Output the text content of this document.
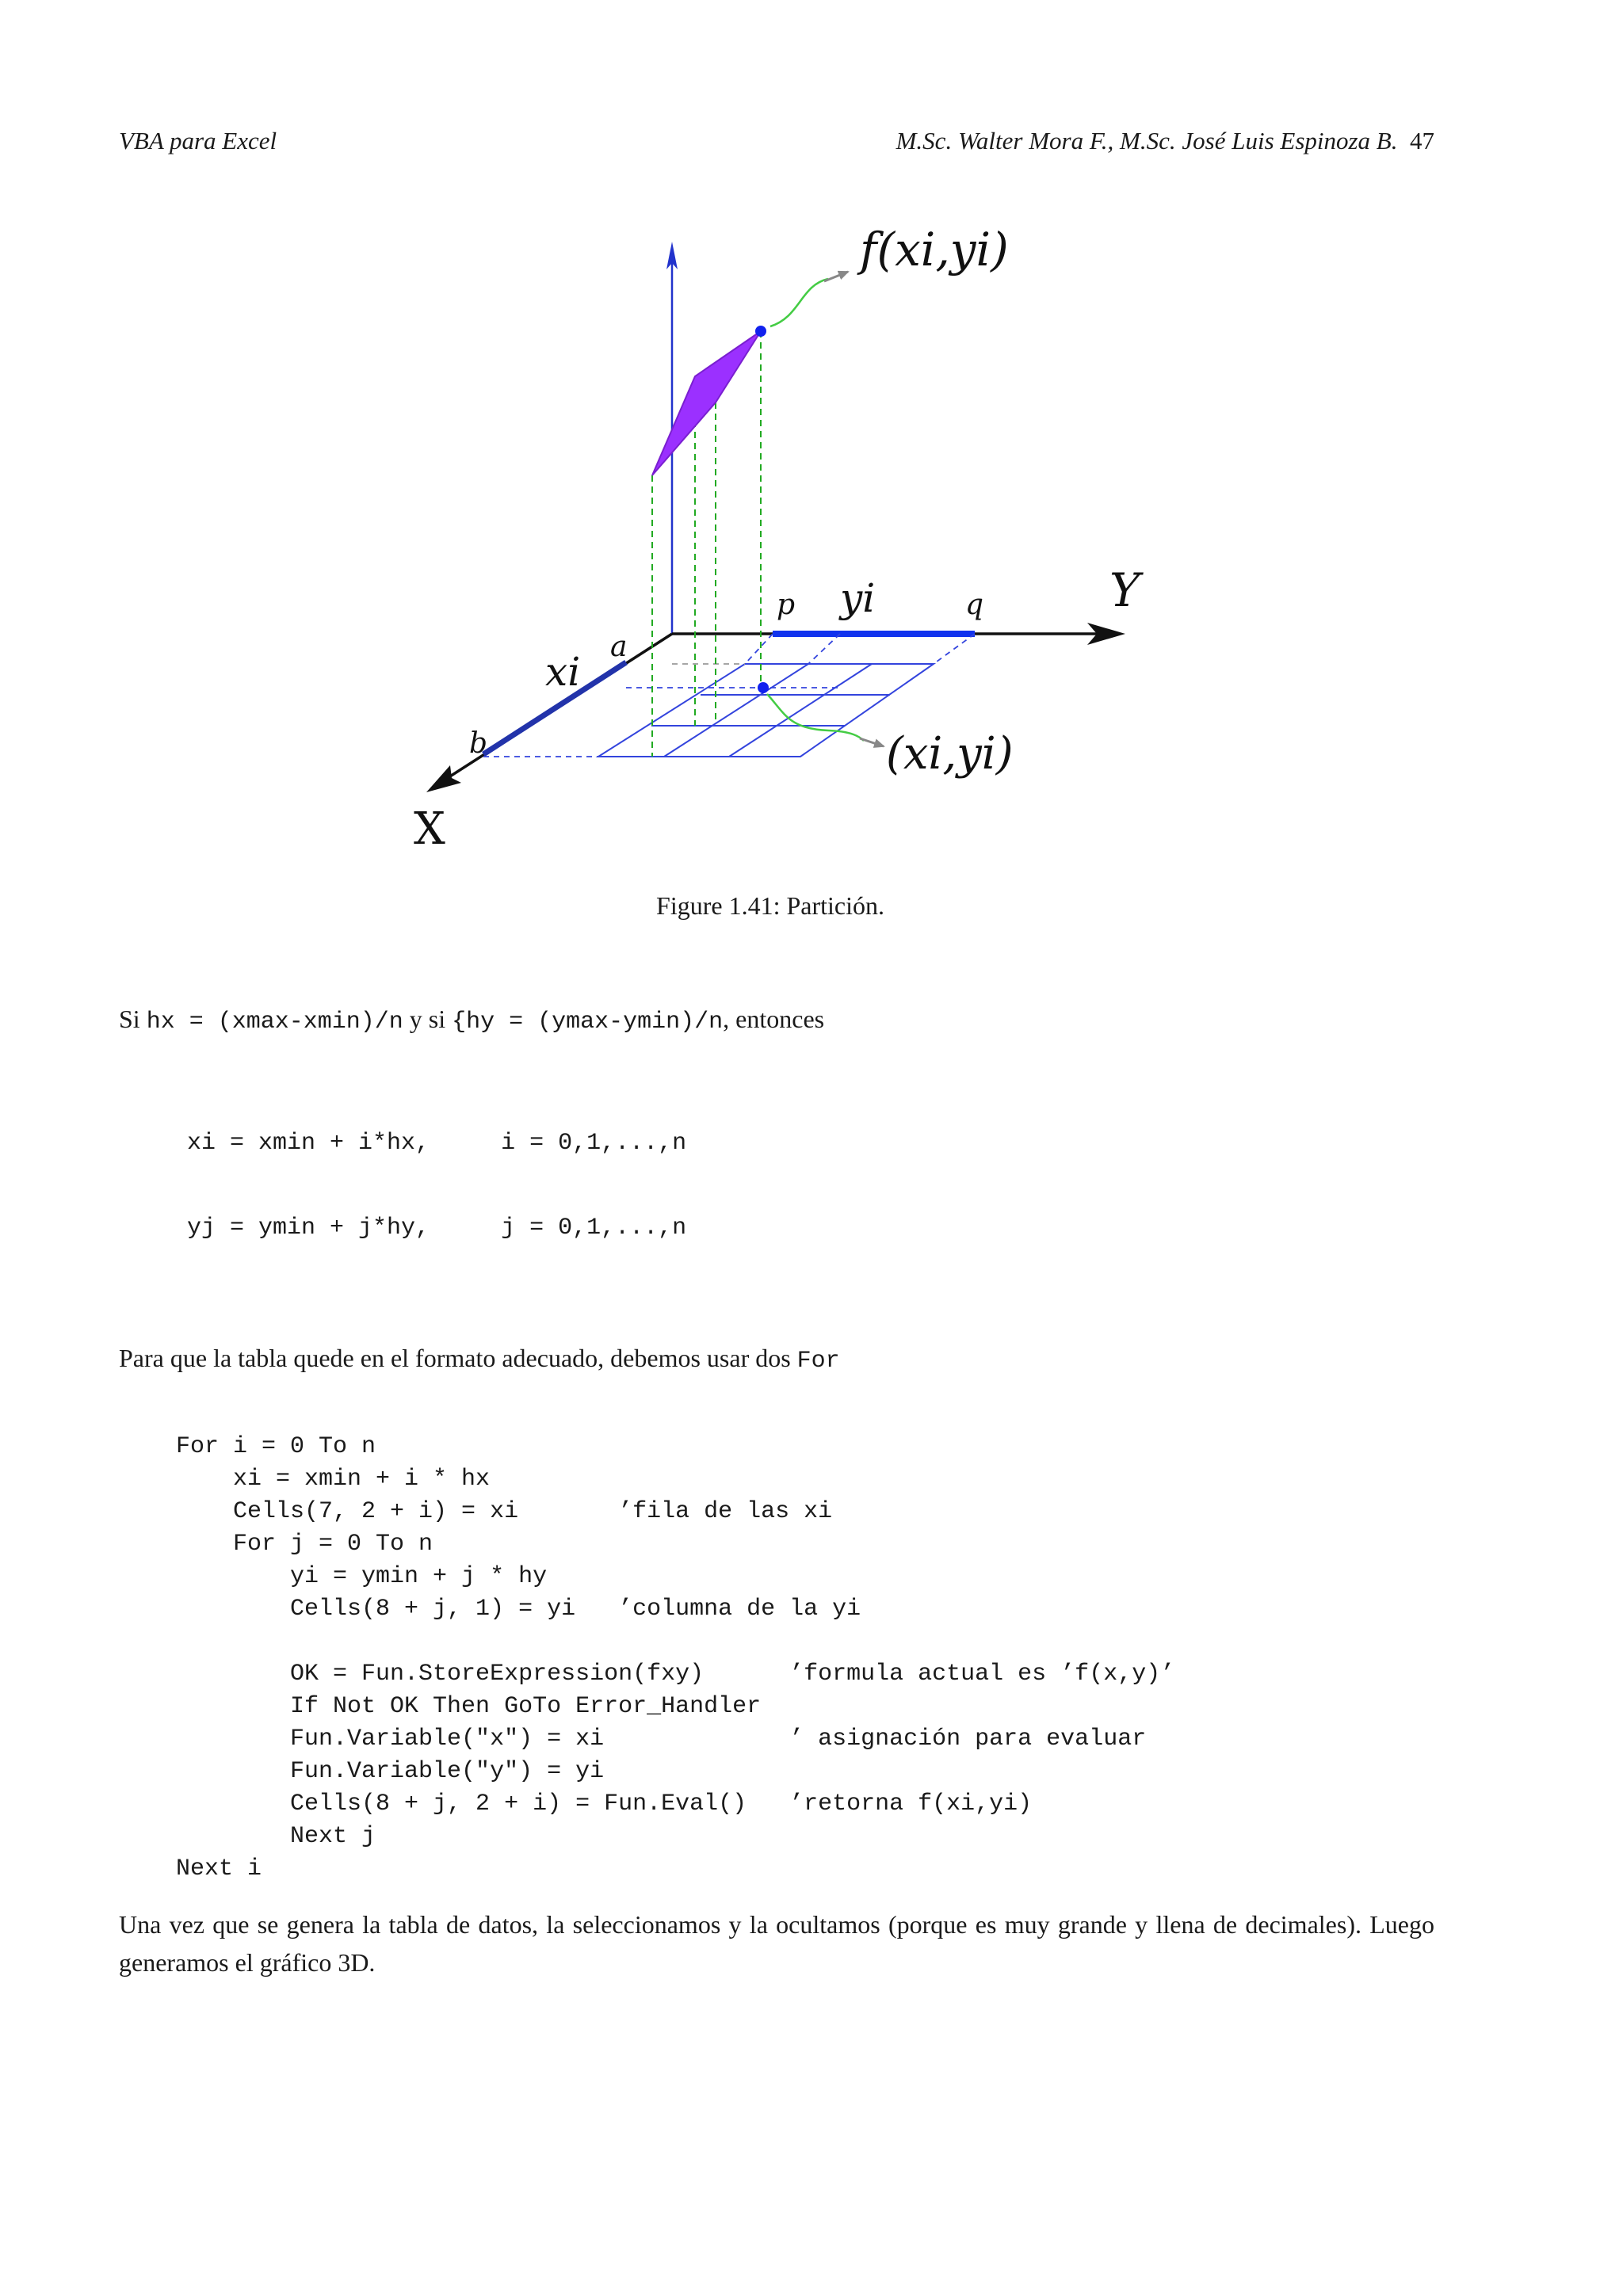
VBA para Excel	M.Sc. Walter Mora F., M.Sc. José Luis Espinoza B. 47
f(xi,yi)
(xi,yi)
X
Y
xi
yi
a
b
p	q
Figure 1.41: Partición.
Si hx = (xmax-xmin)/n y si {hy = (ymax-ymin)/n, entonces
xi = xmin + i*hx,     i = 0,1,...,n
yj = ymin + j*hy,     j = 0,1,...,n
Para que la tabla quede en el formato adecuado, debemos usar dos For
For i = 0 To n
xi = xmin + i * hx
Cells(7, 2 + i) = xi       ’fila de las xi
For j = 0 To n
yi = ymin + j * hy
Cells(8 + j, 1) = yi   ’columna de la yi

OK = Fun.StoreExpression(fxy)      ’formula actual es ’f(x,y)’
If Not OK Then GoTo Error_Handler
Fun.Variable("x") = xi             ’ asignación para evaluar
Fun.Variable("y") = yi
Cells(8 + j, 2 + i) = Fun.Eval()   ’retorna f(xi,yi)
Next j
Next i
Una vez que se genera la tabla de datos, la seleccionamos y la ocultamos (porque es muy grande y llena de decimales). Luego generamos el gráfico 3D.
